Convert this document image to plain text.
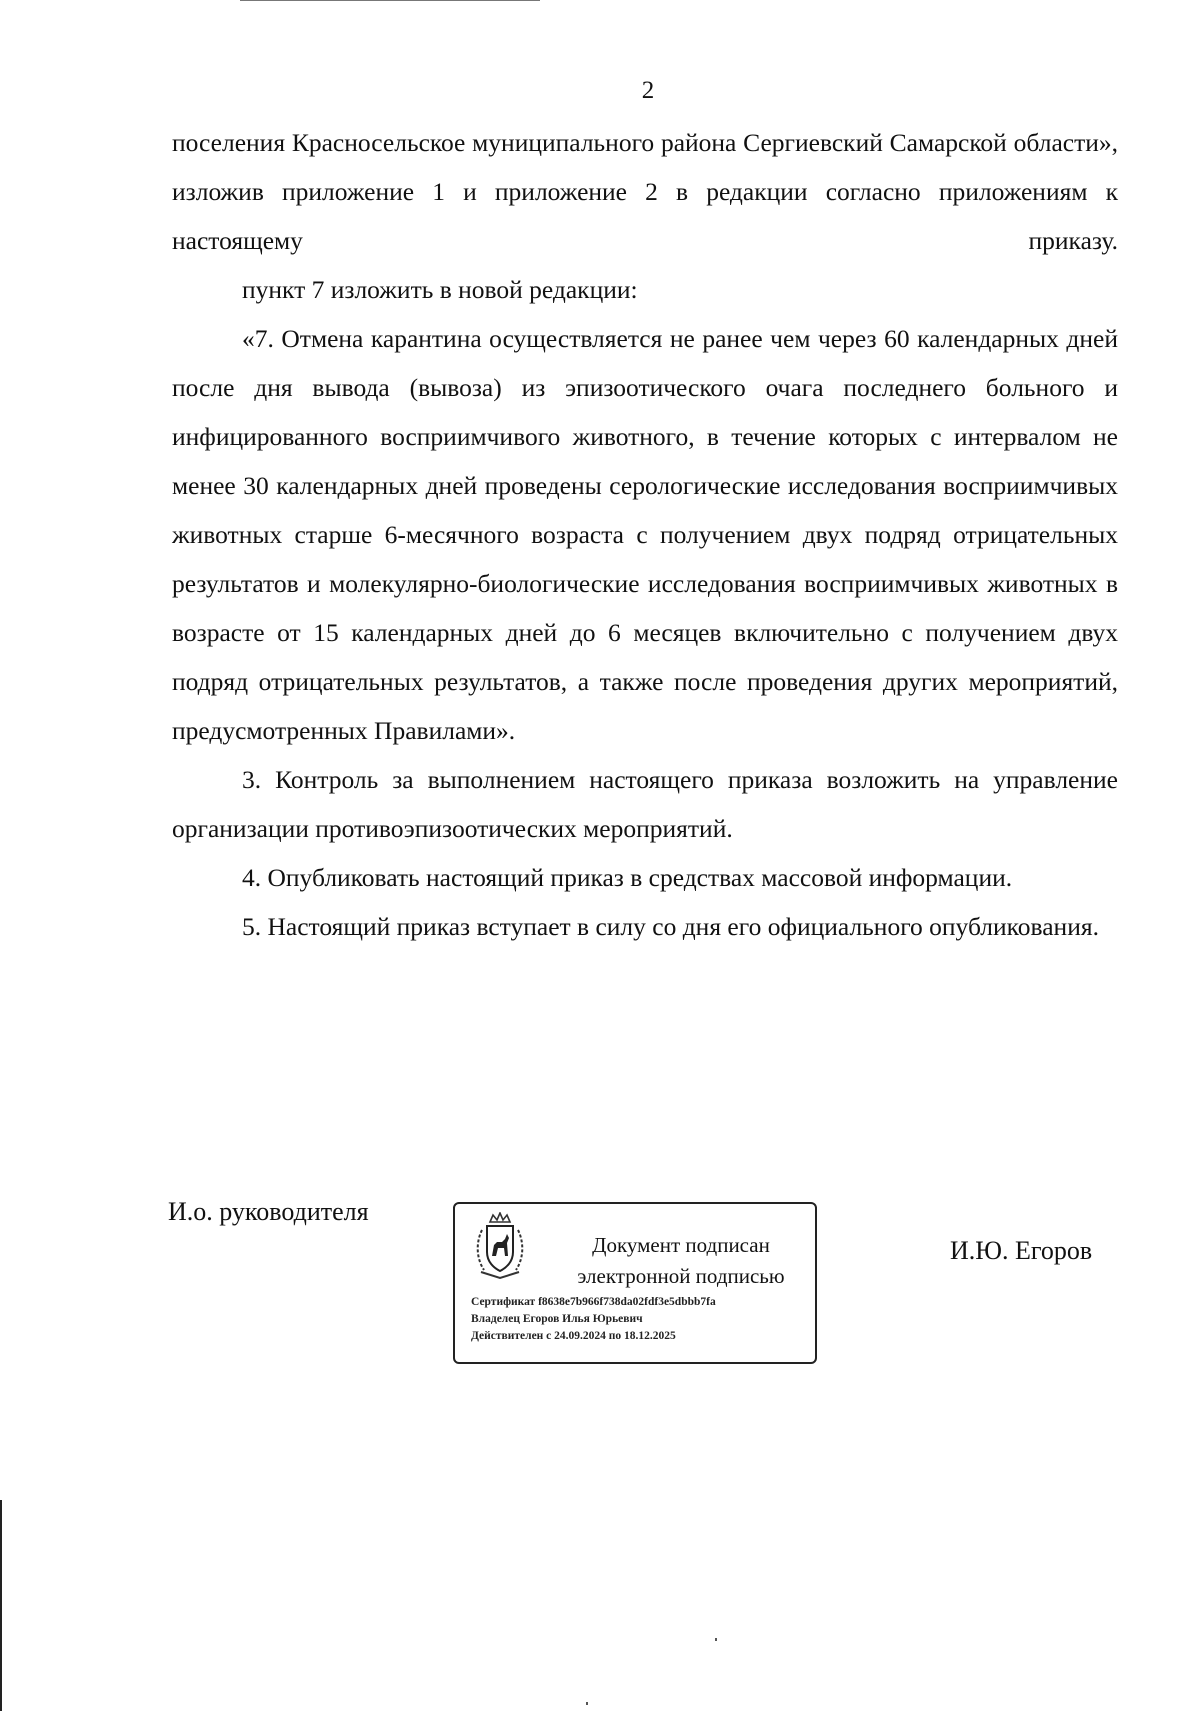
2

поселения Красносельское муниципального района Сергиевский Самарской области», изложив приложение 1 и приложение 2 в редакции согласно приложениям к настоящему приказу.

пункт 7 изложить в новой редакции:

«7. Отмена карантина осуществляется не ранее чем через 60 календарных дней после дня вывода (вывоза) из эпизоотического очага последнего больного и инфицированного восприимчивого животного, в течение которых с интервалом не менее 30 календарных дней проведены серологические исследования восприимчивых животных старше 6-месячного возраста с получением двух подряд отрицательных результатов и молекулярно-биологические исследования восприимчивых животных в возрасте от 15 календарных дней до 6 месяцев включительно с получением двух подряд отрицательных результатов, а также после проведения других мероприятий, предусмотренных Правилами».

3. Контроль за выполнением настоящего приказа возложить на управление организации противоэпизоотических мероприятий.

4. Опубликовать настоящий приказ в средствах массовой информации.

5. Настоящий приказ вступает в силу со дня его официального опубликования.

И.о. руководителя
Документ подписан
электронной подписью
Сертификат f8638e7b966f738da02fdf3e5dbbb7fa
Владелец Егоров Илья Юрьевич
Действителен с 24.09.2024 по 18.12.2025
И.Ю. Егоров
